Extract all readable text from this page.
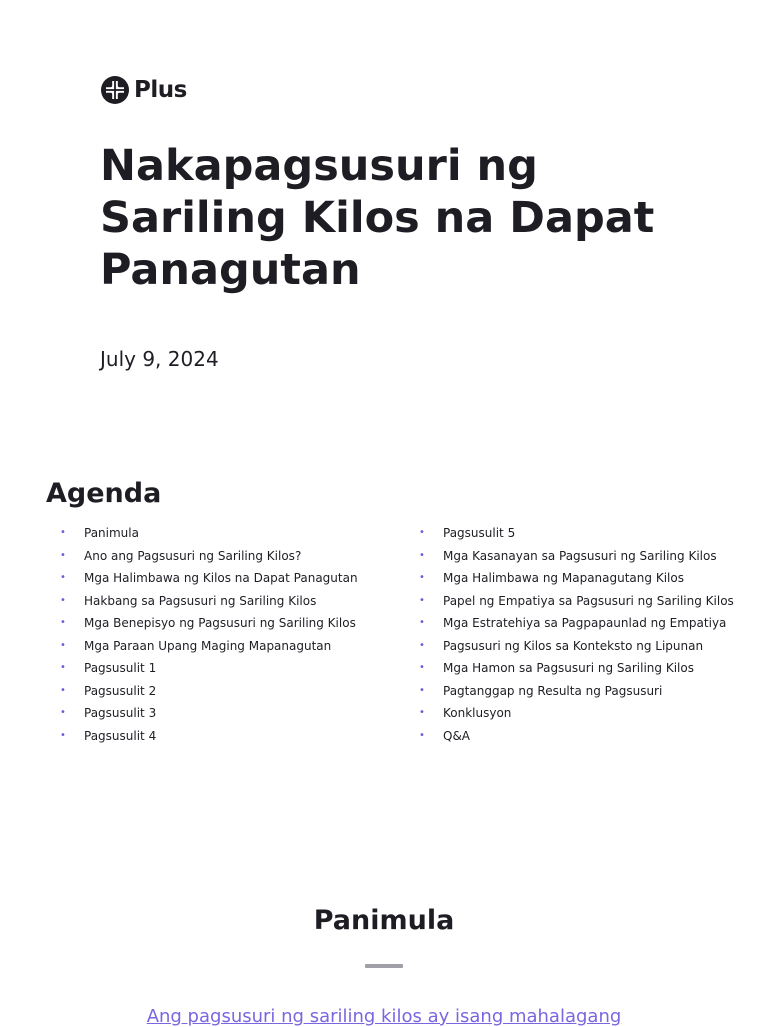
Plus
Nakapagsusuri ng Sariling Kilos na Dapat Panagutan
July 9, 2024
Agenda
• Panimula
• Ano ang Pagsusuri ng Sariling Kilos?
• Mga Halimbawa ng Kilos na Dapat Panagutan
• Hakbang sa Pagsusuri ng Sariling Kilos
• Mga Benepisyo ng Pagsusuri ng Sariling Kilos
• Mga Paraan Upang Maging Mapanagutan
• Pagsusulit 1
• Pagsusulit 2
• Pagsusulit 3
• Pagsusulit 4
• Pagsusulit 5
• Mga Kasanayan sa Pagsusuri ng Sariling Kilos
• Mga Halimbawa ng Mapanagutang Kilos
• Papel ng Empatiya sa Pagsusuri ng Sariling Kilos
• Mga Estratehiya sa Pagpapaunlad ng Empatiya
• Pagsusuri ng Kilos sa Konteksto ng Lipunan
• Mga Hamon sa Pagsusuri ng Sariling Kilos
• Pagtanggap ng Resulta ng Pagsusuri
• Konklusyon
• Q&A
Panimula

Ang pagsusuri ng sariling kilos ay isang mahalagang
